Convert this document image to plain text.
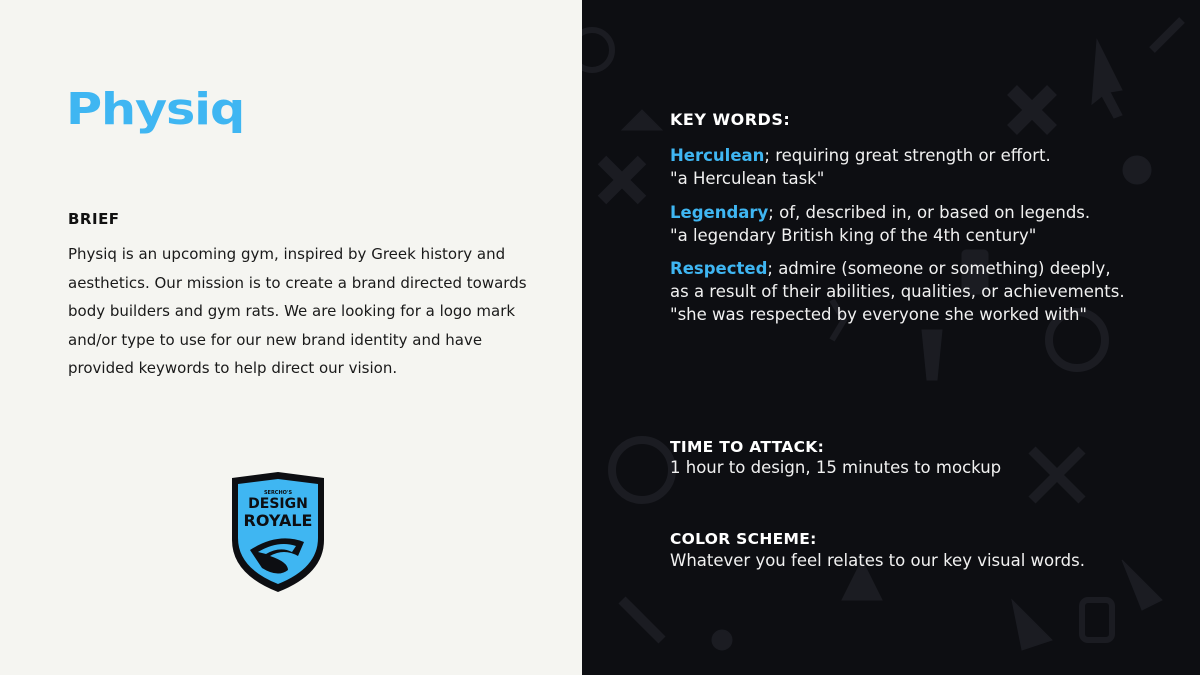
Physiq
BRIEF
Physiq is an upcoming gym, inspired by Greek history and aesthetics. Our mission is to create a brand directed towards body builders and gym rats. We are looking for a logo mark and/or type to use for our new brand identity and have provided keywords to help direct our vision.
SERCHO'S
DESIGN
ROYALE
KEY WORDS:
Herculean; requiring great strength or effort.
"a Herculean task"
Legendary; of, described in, or based on legends.
"a legendary British king of the 4th century"
Respected; admire (someone or something) deeply,
as a result of their abilities, qualities, or achievements.
"she was respected by everyone she worked with"
TIME TO ATTACK:
1 hour to design, 15 minutes to mockup
COLOR SCHEME:
Whatever you feel relates to our key visual words.
